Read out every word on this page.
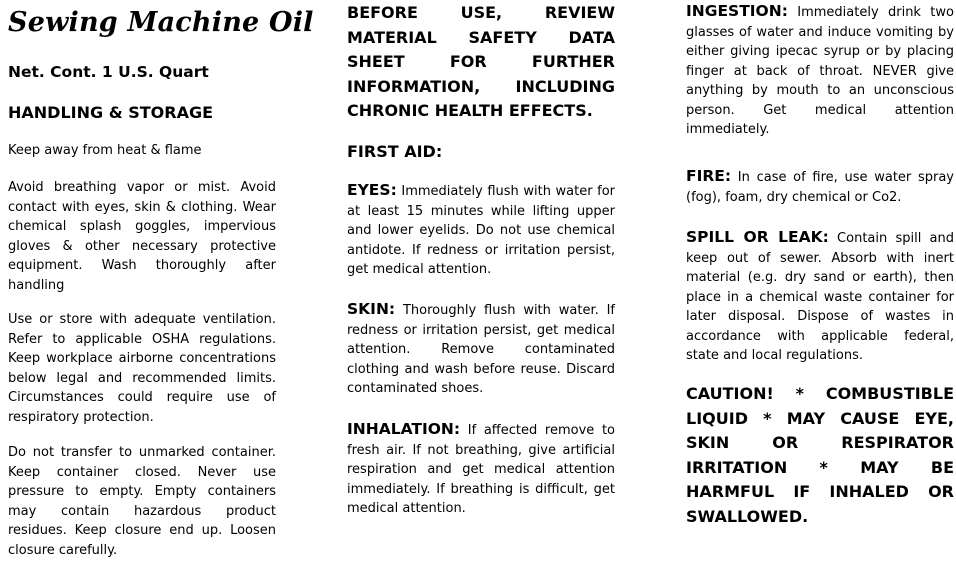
Sewing Machine Oil

Net. Cont. 1 U.S. Quart

HANDLING & STORAGE

Keep away from heat & flame

Avoid breathing vapor or mist. Avoid contact with eyes, skin & clothing. Wear chemical splash goggles, impervious gloves & other necessary protective equipment. Wash thoroughly after handling

Use or store with adequate ventilation. Refer to applicable OSHA regulations. Keep workplace airborne concentrations below legal and recommended limits. Circumstances could require use of respiratory protection.

Do not transfer to unmarked container. Keep container closed. Never use pressure to empty. Empty containers may contain hazardous product residues. Keep closure end up. Loosen closure carefully.

BEFORE USE, REVIEW MATERIAL SAFETY DATA SHEET FOR FURTHER INFORMATION, INCLUDING CHRONIC HEALTH EFFECTS.

FIRST AID:

EYES: Immediately flush with water for at least 15 minutes while lifting upper and lower eyelids. Do not use chemical antidote. If redness or irritation persist, get medical attention.

SKIN: Thoroughly flush with water. If redness or irritation persist, get medical attention. Remove contaminated clothing and wash before reuse. Discard contaminated shoes.

INHALATION: If affected remove to fresh air. If not breathing, give artificial respiration and get medical attention immediately. If breathing is difficult, get medical attention.

INGESTION: Immediately drink two glasses of water and induce vomiting by either giving ipecac syrup or by placing finger at back of throat. NEVER give anything by mouth to an unconscious person. Get medical attention immediately.

FIRE: In case of fire, use water spray (fog), foam, dry chemical or Co2.

SPILL OR LEAK: Contain spill and keep out of sewer. Absorb with inert material (e.g. dry sand or earth), then place in a chemical waste container for later disposal. Dispose of wastes in accordance with applicable federal, state and local regulations.

CAUTION! * COMBUSTIBLE LIQUID * MAY CAUSE EYE, SKIN OR RESPIRATOR IRRITATION * MAY BE HARMFUL IF INHALED OR SWALLOWED.
